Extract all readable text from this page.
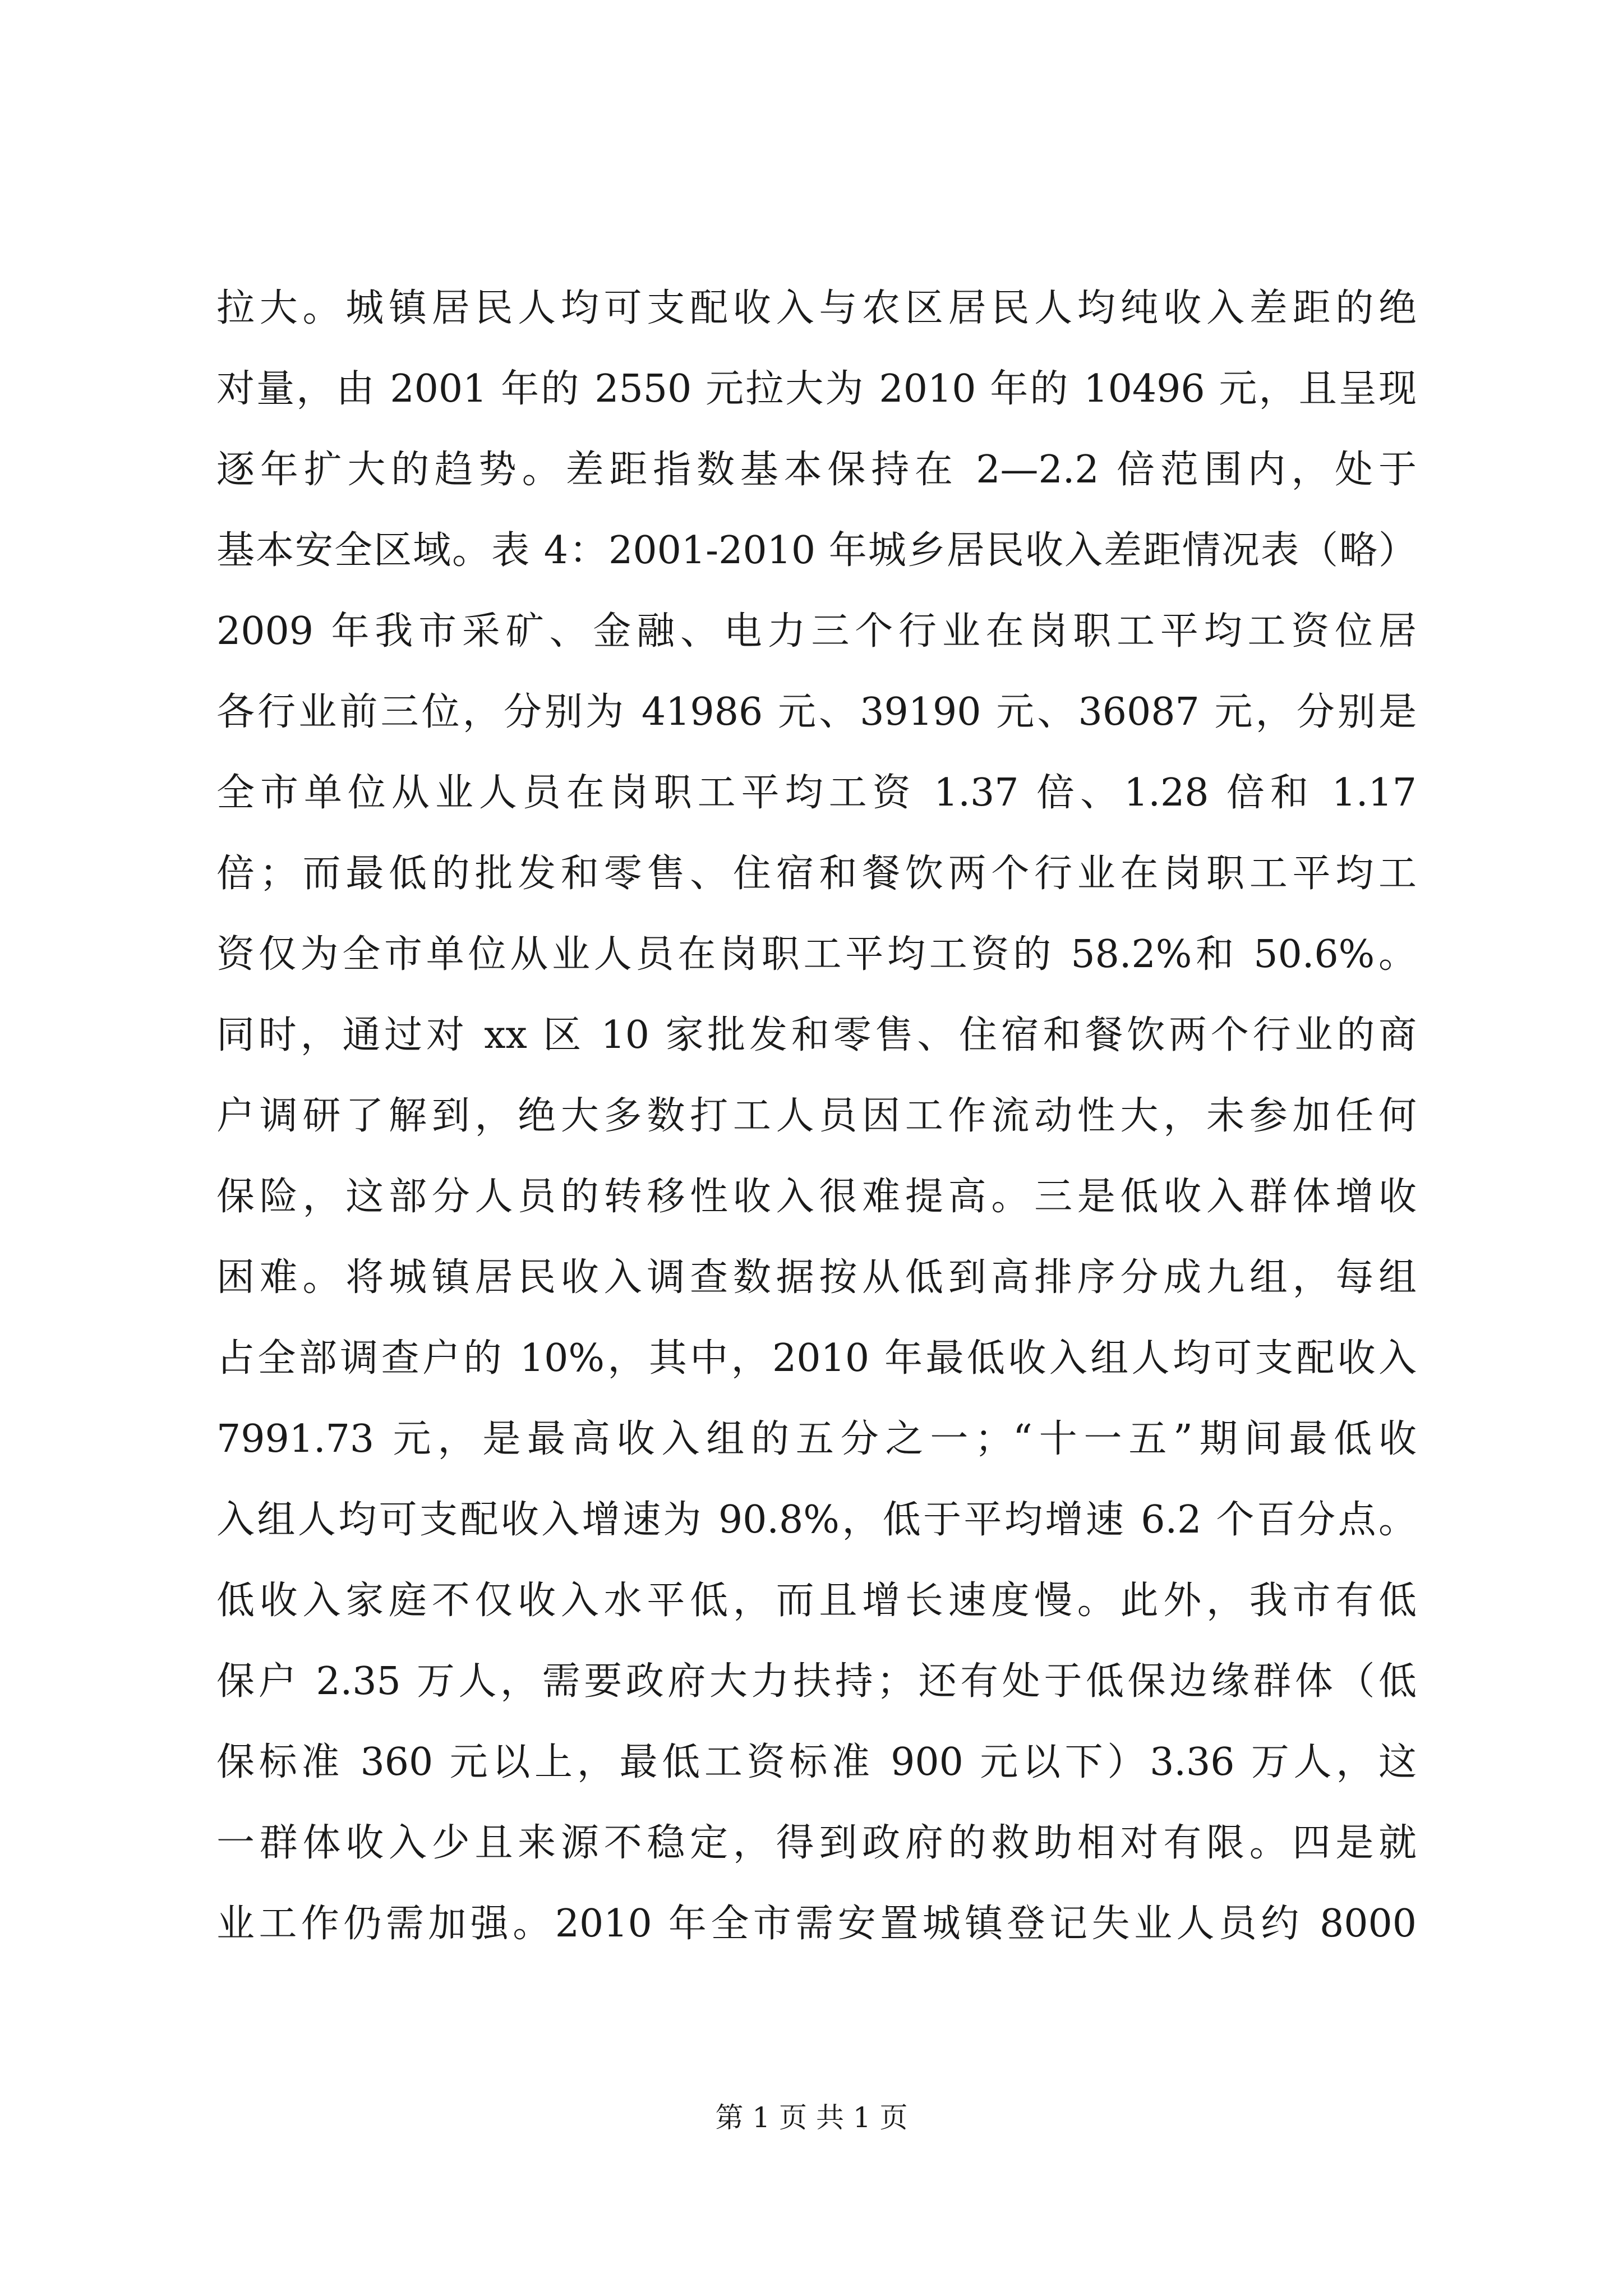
拉大。城镇居民人均可支配收入与农区居民人均纯收入差距的绝
对量，由 2001 年的 2550 元拉大为 2010 年的 10496 元，且呈现
逐年扩大的趋势。差距指数基本保持在 2—2.2 倍范围内，处于
基本安全区域。表 4：2001-2010 年城乡居民收入差距情况表（略）
2009 年我市采矿、金融、电力三个行业在岗职工平均工资位居
各行业前三位，分别为 41986 元、39190 元、36087 元，分别是
全市单位从业人员在岗职工平均工资 1.37 倍、1.28 倍和 1.17
倍；而最低的批发和零售、住宿和餐饮两个行业在岗职工平均工
资仅为全市单位从业人员在岗职工平均工资的 58.2%和 50.6%。
同时，通过对 xx 区 10 家批发和零售、住宿和餐饮两个行业的商
户调研了解到，绝大多数打工人员因工作流动性大，未参加任何
保险，这部分人员的转移性收入很难提高。三是低收入群体增收
困难。将城镇居民收入调查数据按从低到高排序分成九组，每组
占全部调查户的 10%，其中，2010 年最低收入组人均可支配收入
7991.73 元，是最高收入组的五分之一；“十一五”期间最低收
入组人均可支配收入增速为 90.8%，低于平均增速 6.2 个百分点。
低收入家庭不仅收入水平低，而且增长速度慢。此外，我市有低
保户 2.35 万人，需要政府大力扶持；还有处于低保边缘群体（低
保标准 360 元以上，最低工资标准 900 元以下）3.36 万人，这
一群体收入少且来源不稳定，得到政府的救助相对有限。四是就
业工作仍需加强。2010 年全市需安置城镇登记失业人员约 8000
第 1 页 共 1 页
